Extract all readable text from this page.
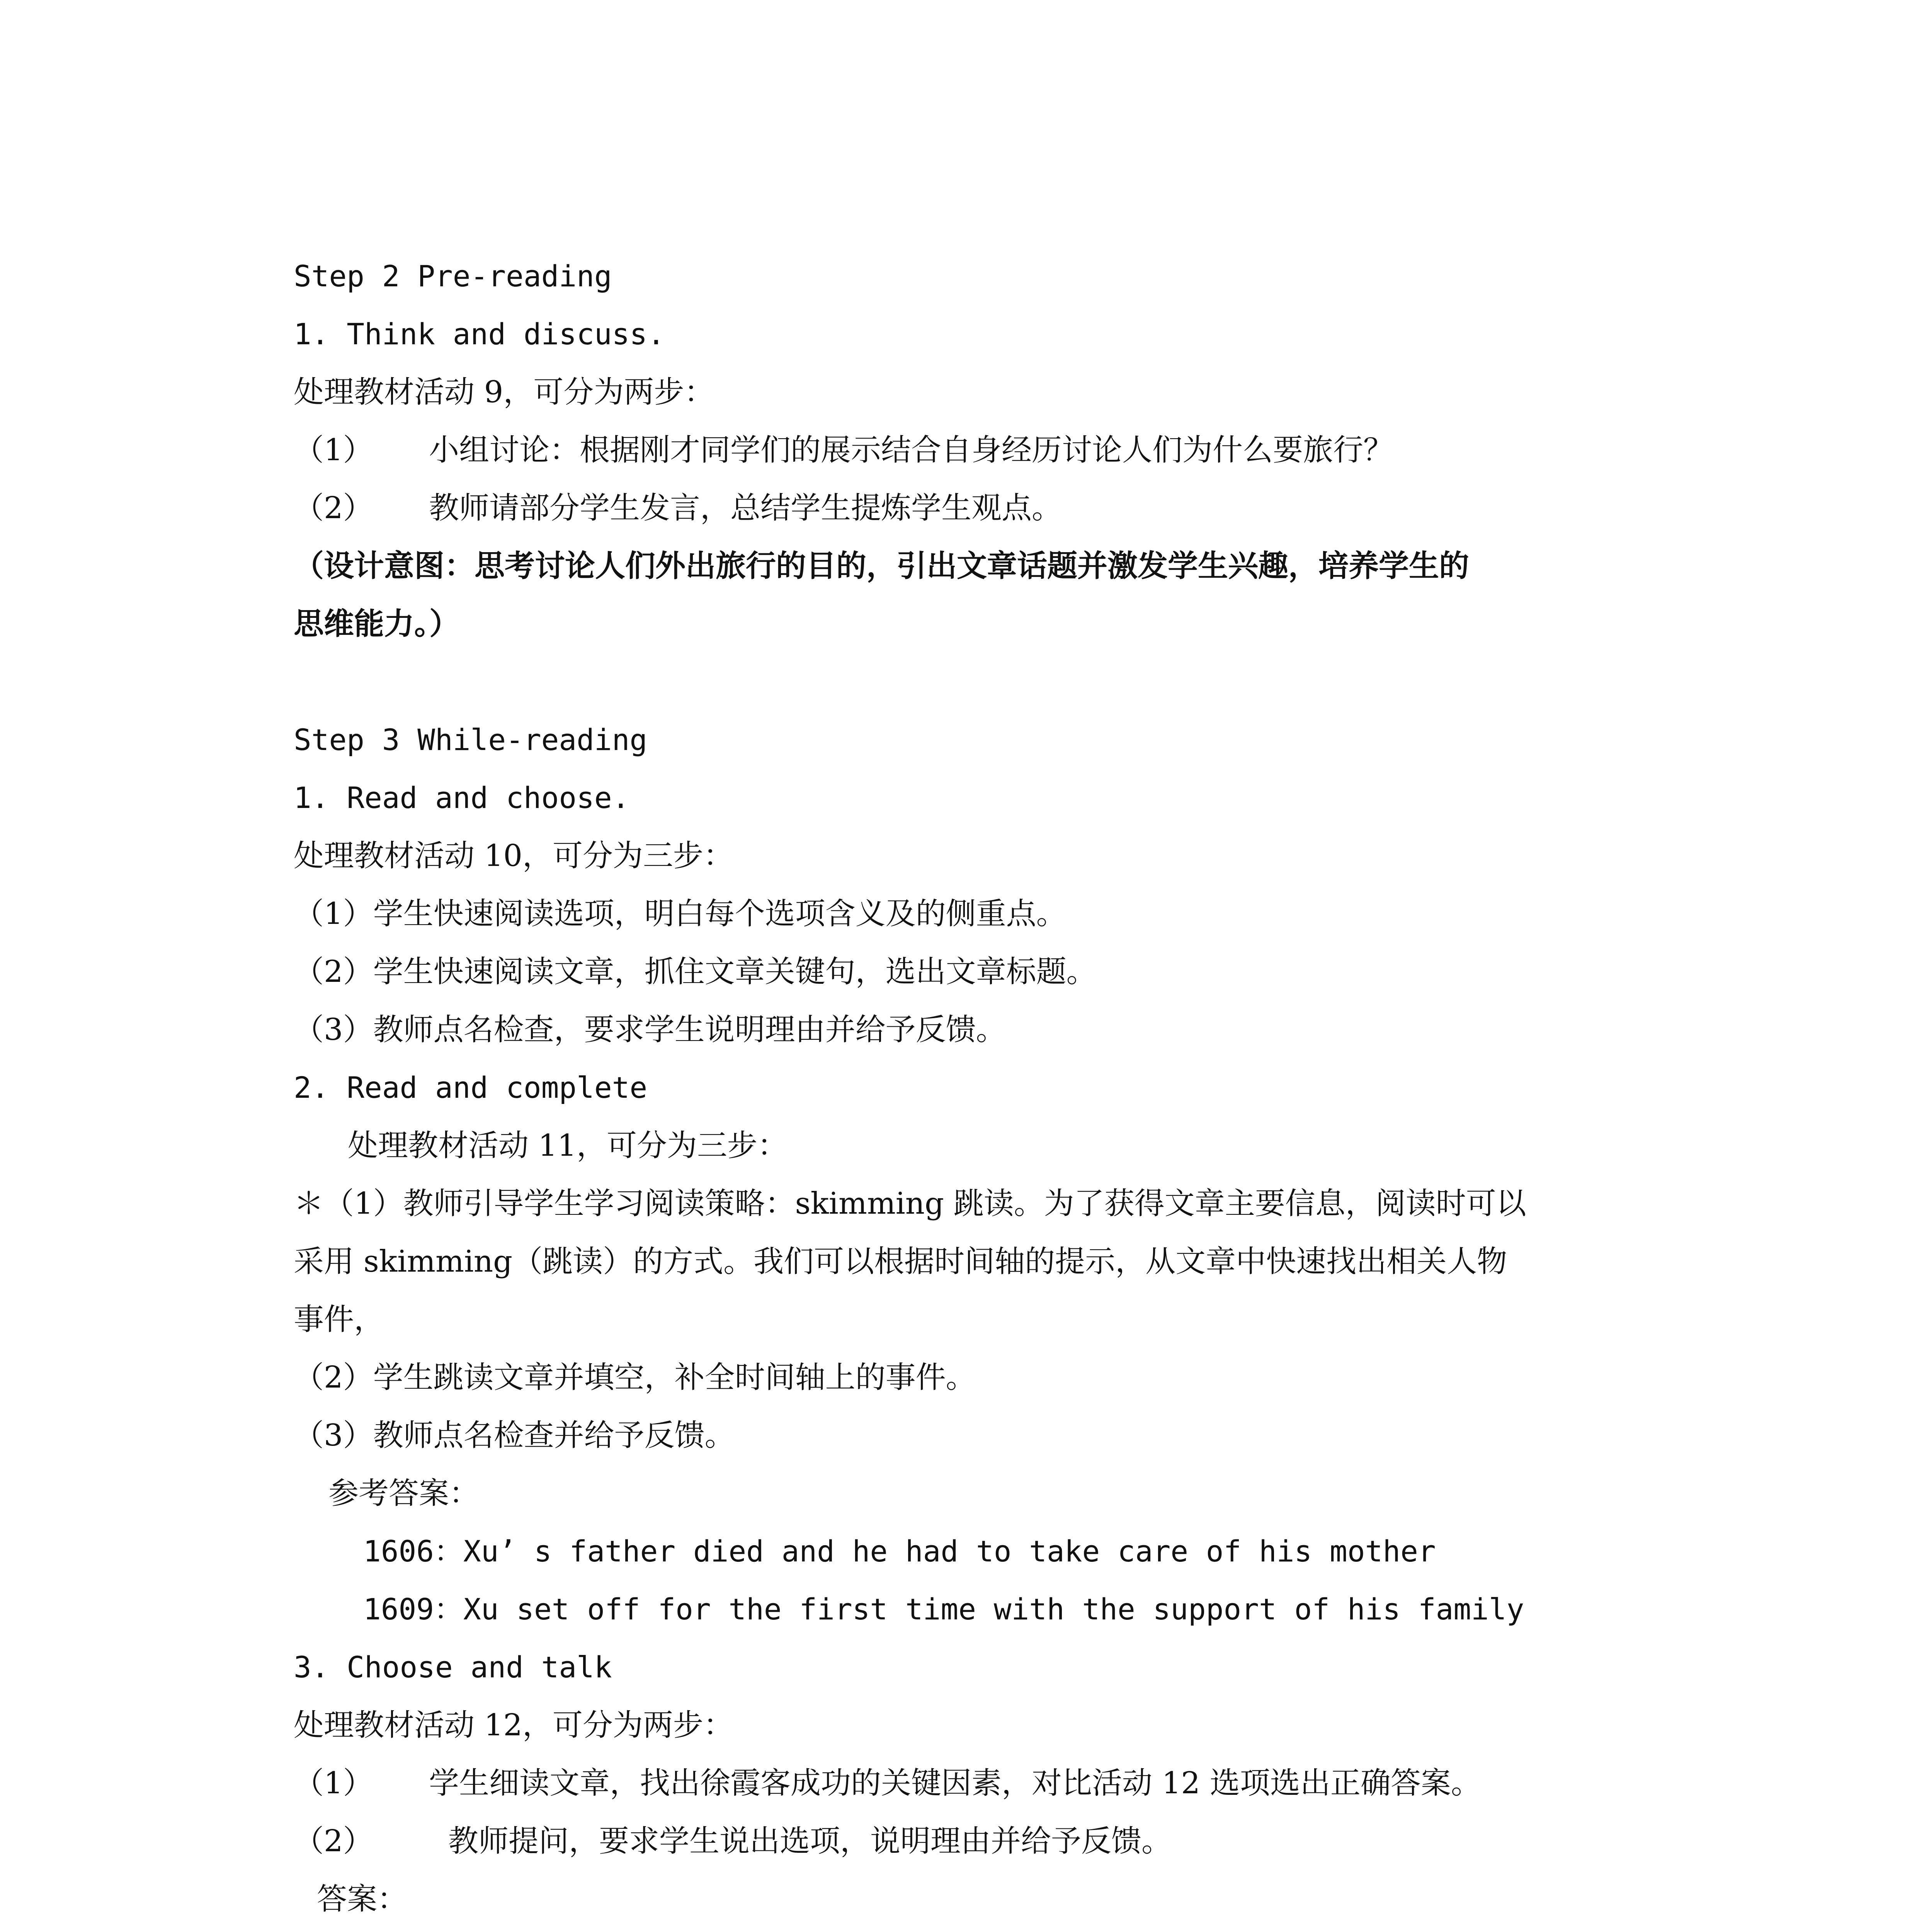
Step 2 Pre-reading
1. Think and discuss.
处理教材活动 9，可分为两步：
（1） 小组讨论：根据刚才同学们的展示结合自身经历讨论人们为什么要旅行？
（2） 教师请部分学生发言，总结学生提炼学生观点。
（设计意图：思考讨论人们外出旅行的目的，引出文章话题并激发学生兴趣，培养学生的
思维能力。）
Step 3 While-reading
1. Read and choose.
处理教材活动 10，可分为三步：
（1）学生快速阅读选项，明白每个选项含义及的侧重点。
（2）学生快速阅读文章，抓住文章关键句，选出文章标题。
（3）教师点名检查，要求学生说明理由并给予反馈。
2. Read and complete
处理教材活动 11，可分为三步：
＊（1）教师引导学生学习阅读策略：skimming 跳读。为了获得文章主要信息，阅读时可以
采用 skimming（跳读）的方式。我们可以根据时间轴的提示，从文章中快速找出相关人物
事件，
（2）学生跳读文章并填空，补全时间轴上的事件。
（3）教师点名检查并给予反馈。
参考答案：
1606：Xu’ s father died and he had to take care of his mother
1609：Xu set off for the first time with the support of his family
3. Choose and talk
处理教材活动 12，可分为两步：
（1） 学生细读文章，找出徐霞客成功的关键因素，对比活动 12 选项选出正确答案。
（2） 教师提问，要求学生说出选项，说明理由并给予反馈。
答案：
